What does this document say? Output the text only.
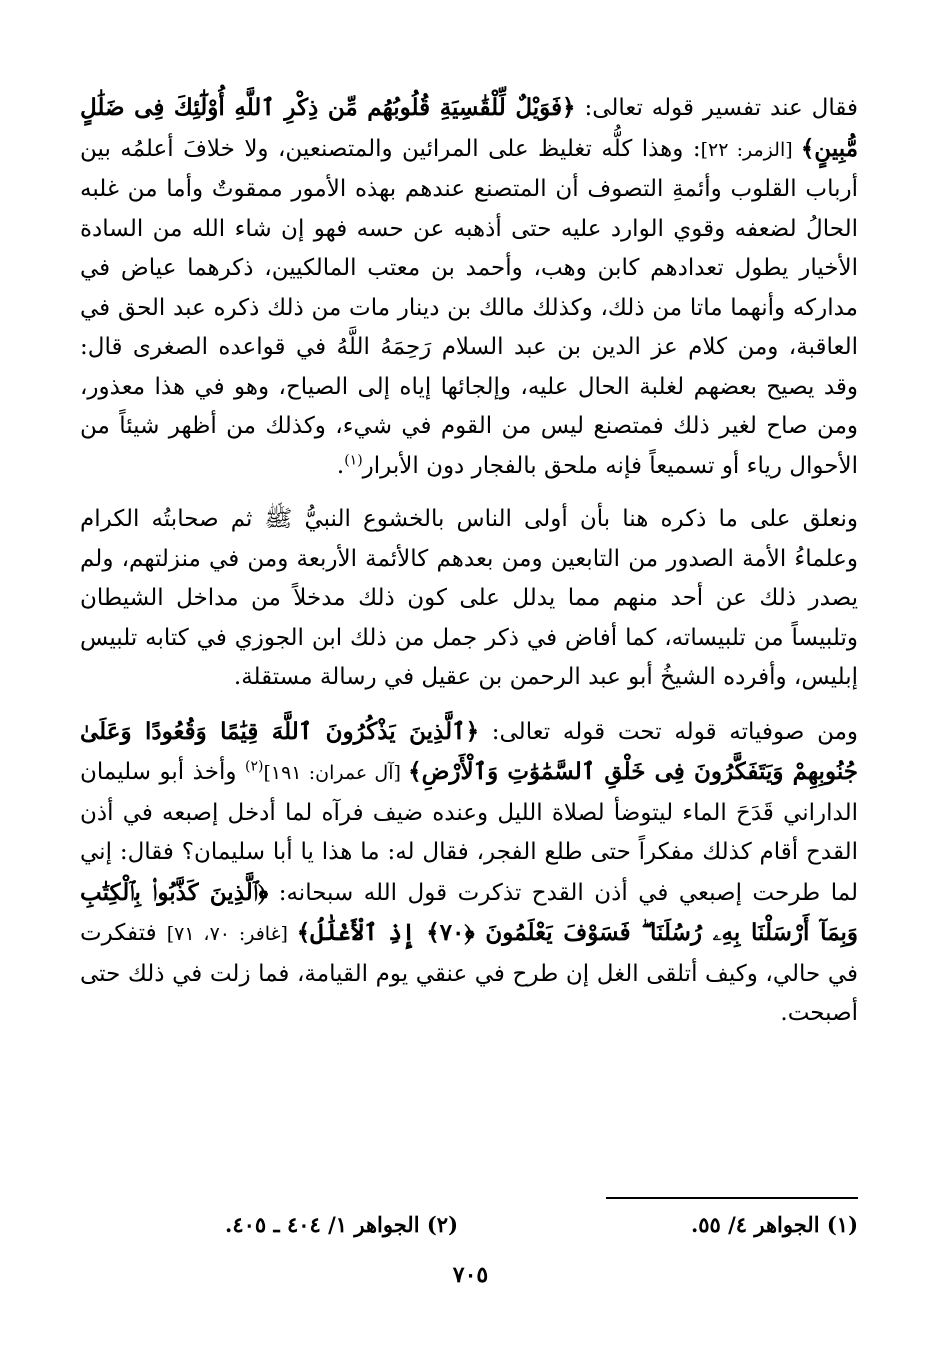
فقال عند تفسير قوله تعالى: ﴿فَوَيْلٌ لِّلْقَٰسِيَةِ قُلُوبُهُم مِّن ذِكْرِ ٱللَّهِ أُوْلَٰٓئِكَ فِى ضَلَٰلٍ مُّبِينٍ﴾ [الزمر: ٢٢]: وهذا كلُّه تغليظ على المرائين والمتصنعين، ولا خلافَ أعلمُه بين أرباب القلوب وأئمةِ التصوف أن المتصنع عندهم بهذه الأمور ممقوتٌ وأما من غلبه الحالُ لضعفه وقوي الوارد عليه حتى أذهبه عن حسه فهو إن شاء الله من السادة الأخيار يطول تعدادهم كابن وهب، وأحمد بن معتب المالكيين، ذكرهما عياض في مداركه وأنهما ماتا من ذلك، وكذلك مالك بن دينار مات من ذلك ذكره عبد الحق في العاقبة، ومن كلام عز الدين بن عبد السلام رَحِمَهُ اللَّهُ في قواعده الصغرى قال: وقد يصيح بعضهم لغلبة الحال عليه، وإلجائها إياه إلى الصياح، وهو في هذا معذور، ومن صاح لغير ذلك فمتصنع ليس من القوم في شيء، وكذلك من أظهر شيئاً من الأحوال رياء أو تسميعاً فإنه ملحق بالفجار دون الأبرار$^{(١)}$.

ونعلق على ما ذكره هنا بأن أولى الناس بالخشوع النبيُّ ﷺ ثم صحابتُه الكرام وعلماءُ الأمة الصدور من التابعين ومن بعدهم كالأئمة الأربعة ومن في منزلتهم، ولم يصدر ذلك عن أحد منهم مما يدلل على كون ذلك مدخلاً من مداخل الشيطان وتلبيساً من تلبيساته، كما أفاض في ذكر جمل من ذلك ابن الجوزي في كتابه تلبيس إبليس، وأفرده الشيخُ أبو عبد الرحمن بن عقيل في رسالة مستقلة.

ومن صوفياته قوله تحت قوله تعالى: ﴿ٱلَّذِينَ يَذْكُرُونَ ٱللَّهَ قِيَٰمًا وَقُعُودًا وَعَلَىٰ جُنُوبِهِمْ وَيَتَفَكَّرُونَ فِى خَلْقِ ٱلسَّمَٰوَٰتِ وَٱلْأَرْضِ﴾ [آل عمران: ١٩١]$^{(٢)}$ وأخذ أبو سليمان الداراني قَدَحَ الماء ليتوضأ لصلاة الليل وعنده ضيف فرآه لما أدخل إصبعه في أذن القدح أقام كذلك مفكراً حتى طلع الفجر، فقال له: ما هذا يا أبا سليمان؟ فقال: إني لما طرحت إصبعي في أذن القدح تذكرت قول الله سبحانه: ﴿ٱلَّذِينَ كَذَّبُوا۟ بِٱلْكِتَٰبِ وَبِمَآ أَرْسَلْنَا بِهِۦ رُسُلَنَا ۖ فَسَوْفَ يَعْلَمُونَ ﴿٧٠﴾ إِذِ ٱلْأَغْلَٰلُ﴾ [غافر: ٧٠، ٧١] فتفكرت في حالي، وكيف أتلقى الغل إن طرح في عنقي يوم القيامة، فما زلت في ذلك حتى أصبحت.

(١) الجواهر ٤/ ٥٥.
(٢) الجواهر ١/ ٤٠٤ ـ ٤٠٥.
٧٠٥
